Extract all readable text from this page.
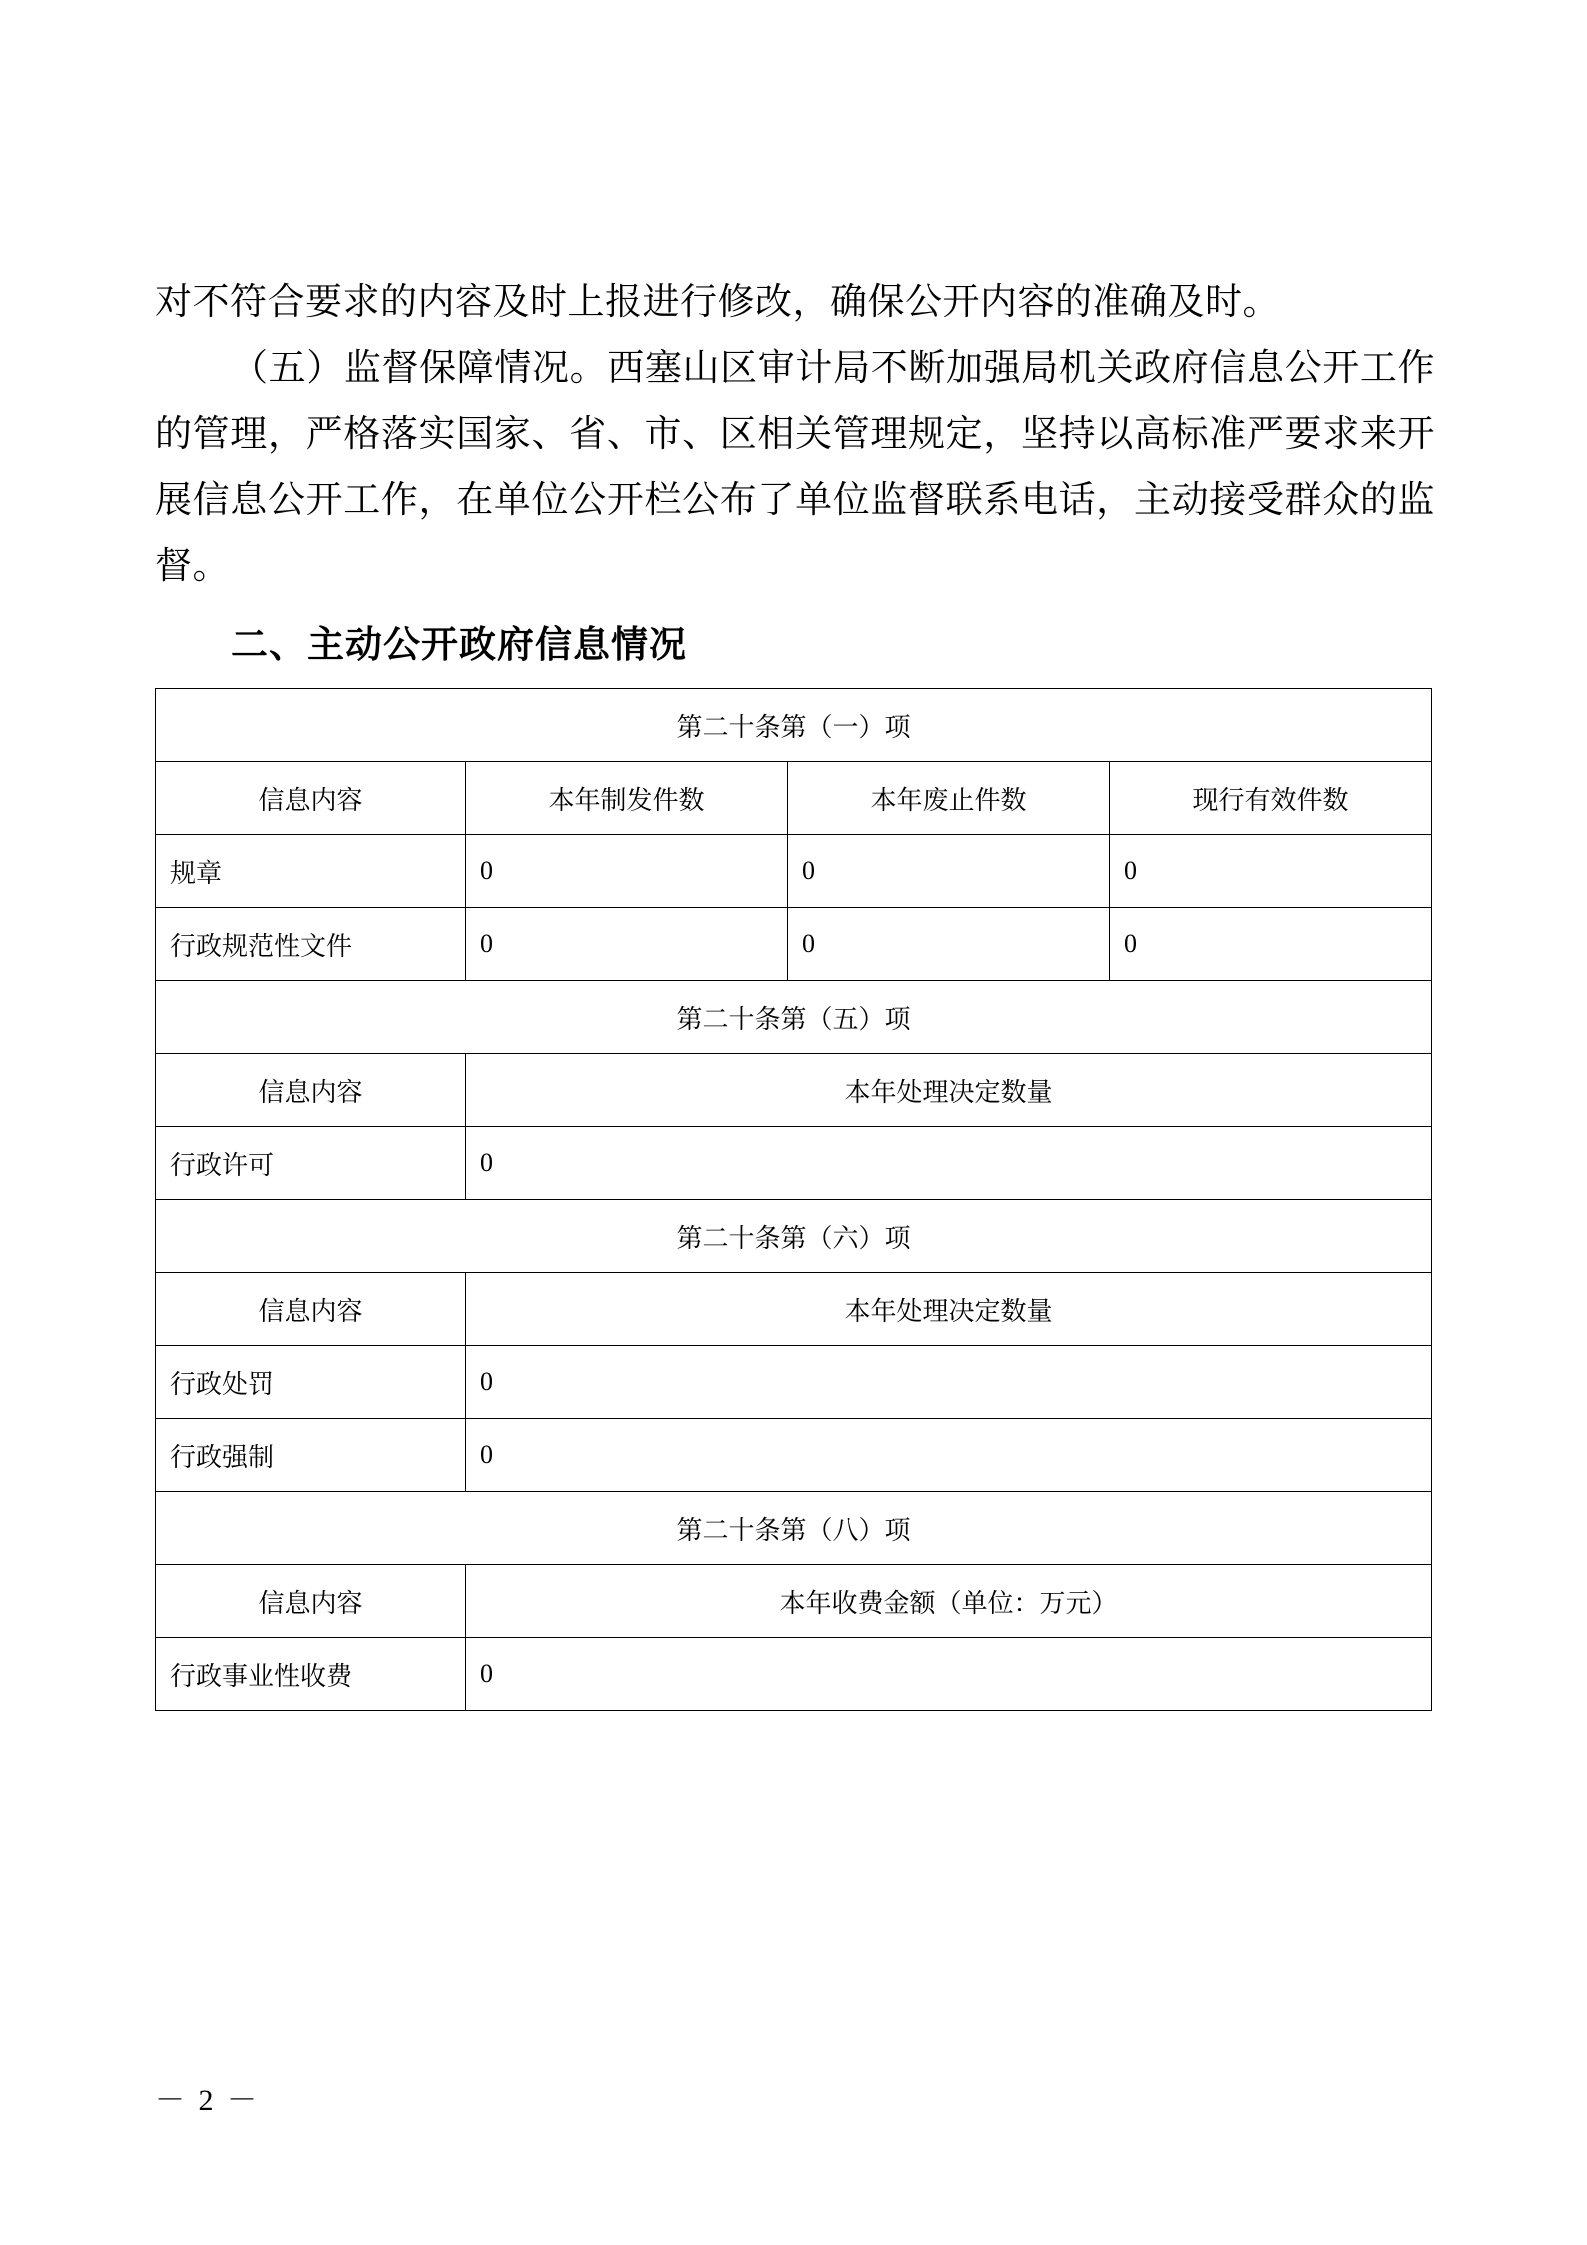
对不符合要求的内容及时上报进行修改，确保公开内容的准确及时。

（五）监督保障情况。西塞山区审计局不断加强局机关政府信息公开工作的管理，严格落实国家、省、市、区相关管理规定，坚持以高标准严要求来开展信息公开工作，在单位公开栏公布了单位监督联系电话，主动接受群众的监督。

二、主动公开政府信息情况
第二十条第（一）项			
信息内容	本年制发件数	本年废止件数	现行有效件数
规章	0	0	0
行政规范性文件	0	0	0
第二十条第（五）项			
信息内容	本年处理决定数量		
行政许可	0		
第二十条第（六）项			
信息内容	本年处理决定数量		
行政处罚	0		
行政强制	0		
第二十条第（八）项			
信息内容	本年收费金额（单位：万元）		
行政事业性收费	0		
－ 2 －
